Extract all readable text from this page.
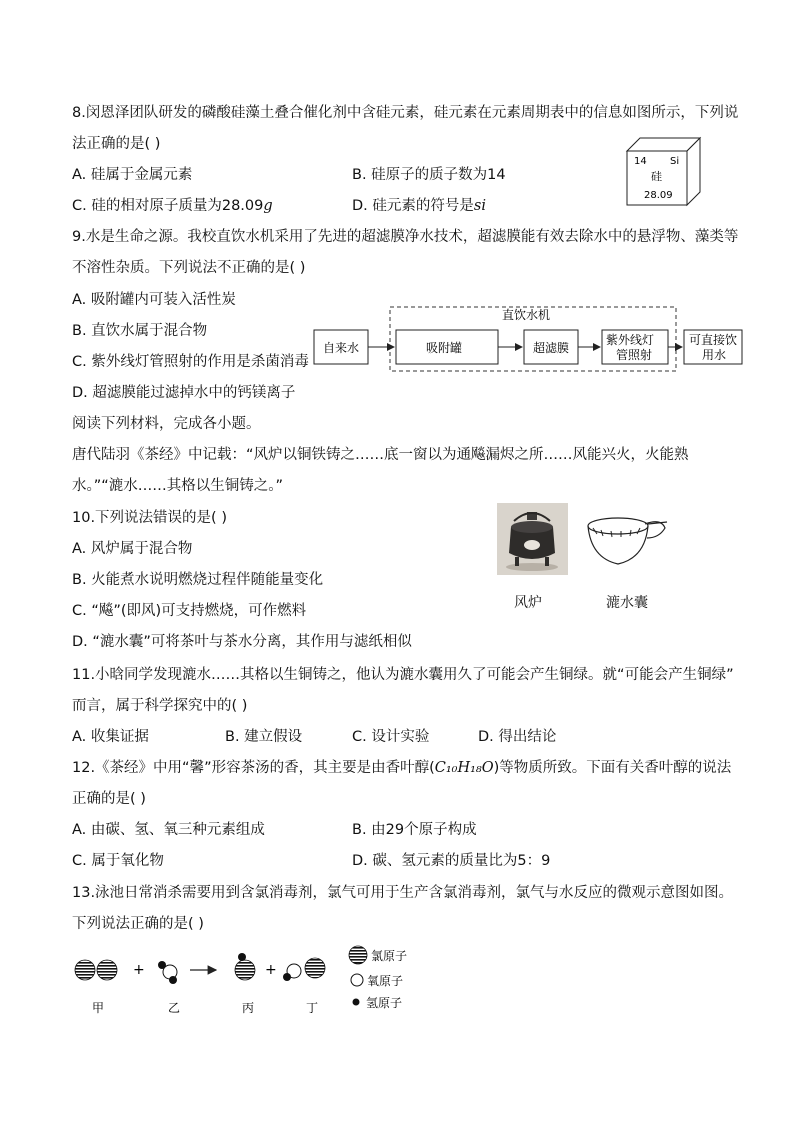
8.闵恩泽团队研发的磷酸硅藻土叠合催化剂中含硅元素，硅元素在元素周期表中的信息如图所示，下列说
法正确的是( )
A. 硅属于金属元素	B. 硅原子的质子数为14
C. 硅的相对原子质量为28.09g	D. 硅元素的符号是si
14 Si
硅
28.09
9.水是生命之源。我校直饮水机采用了先进的超滤膜净水技术，超滤膜能有效去除水中的悬浮物、藻类等
不溶性杂质。下列说法不正确的是( )
A. 吸附罐内可装入活性炭
B. 直饮水属于混合物
C. 紫外线灯管照射的作用是杀菌消毒
D. 超滤膜能过滤掉水中的钙镁离子
直饮水机
自来水	吸附罐	超滤膜
紫外线灯
管照射
可直接饮
用水
阅读下列材料，完成各小题。
唐代陆羽《茶经》中记载：“风炉以铜铁铸之……底一窗以为通飚漏烬之所……风能兴火，火能熟
水。”“漉水……其格以生铜铸之。”
10.下列说法错误的是( )
A. 风炉属于混合物
B. 火能煮水说明燃烧过程伴随能量变化
C. “飚”(即风)可支持燃烧，可作燃料
D. “漉水囊”可将茶叶与茶水分离，其作用与滤纸相似
风炉	漉水囊
11.小晗同学发现漉水……其格以生铜铸之，他认为漉水囊用久了可能会产生铜绿。就“可能会产生铜绿”
而言，属于科学探究中的( )
A. 收集证据	B. 建立假设	C. 设计实验	D. 得出结论
12.《茶经》中用“馨”形容茶汤的香，其主要是由香叶醇(C₁₀H₁₈O)等物质所致。下面有关香叶醇的说法
正确的是( )
A. 由碳、氢、氧三种元素组成	B. 由29个原子构成
C. 属于氧化物	D. 碳、氢元素的质量比为5：9
13.泳池日常消杀需要用到含氯消毒剂，氯气可用于生产含氯消毒剂，氯气与水反应的微观示意图如图。
下列说法正确的是( )
+	+
甲	乙	丙	丁
氯原子
氧原子
氢原子
